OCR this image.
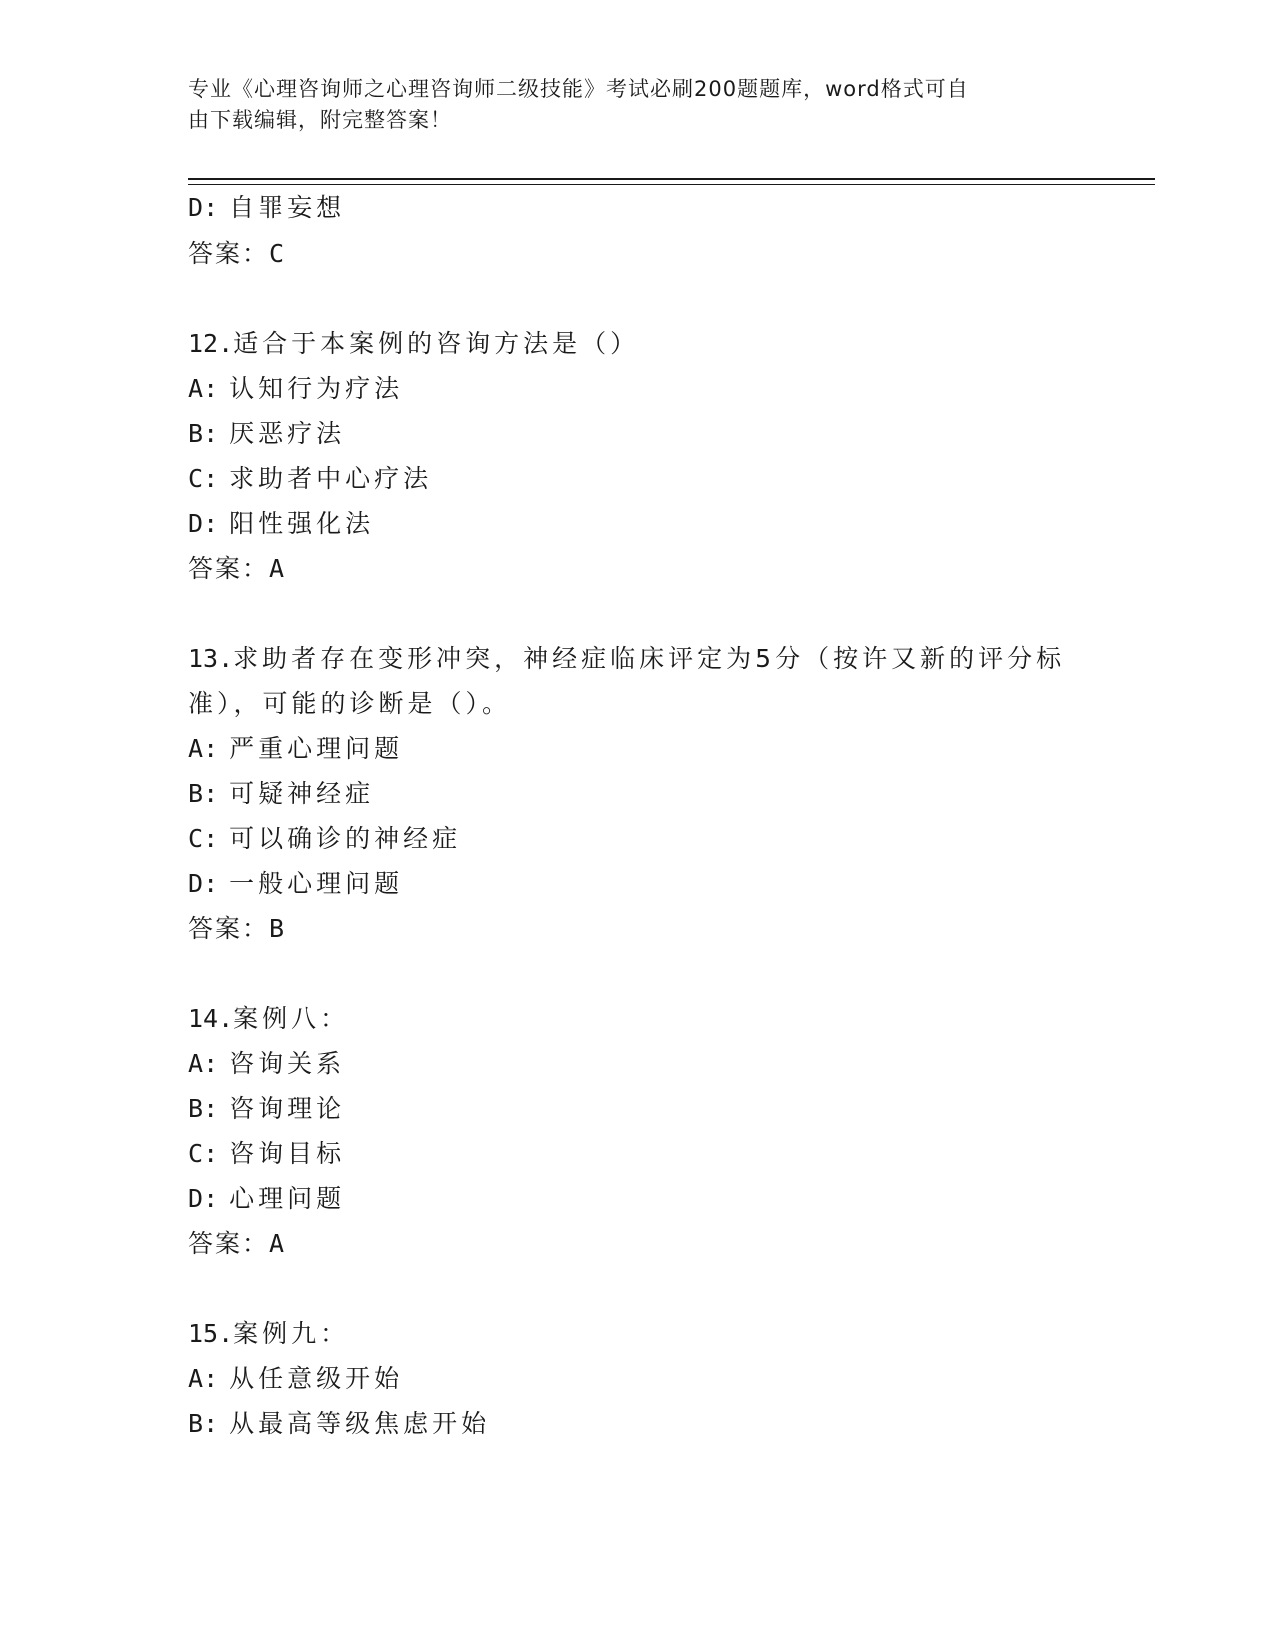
专业《心理咨询师之心理咨询师二级技能》考试必刷200题题库，word格式可自
由下载编辑，附完整答案！
D: 自罪妄想
答案：C
12.适合于本案例的咨询方法是（）
A: 认知行为疗法
B: 厌恶疗法
C: 求助者中心疗法
D: 阳性强化法
答案：A
13.求助者存在变形冲突，神经症临床评定为5分（按许又新的评分标
准），可能的诊断是（）。
A: 严重心理问题
B: 可疑神经症
C: 可以确诊的神经症
D: 一般心理问题
答案：B
14.案例八：
A: 咨询关系
B: 咨询理论
C: 咨询目标
D: 心理问题
答案：A
15.案例九：
A: 从任意级开始
B: 从最高等级焦虑开始
